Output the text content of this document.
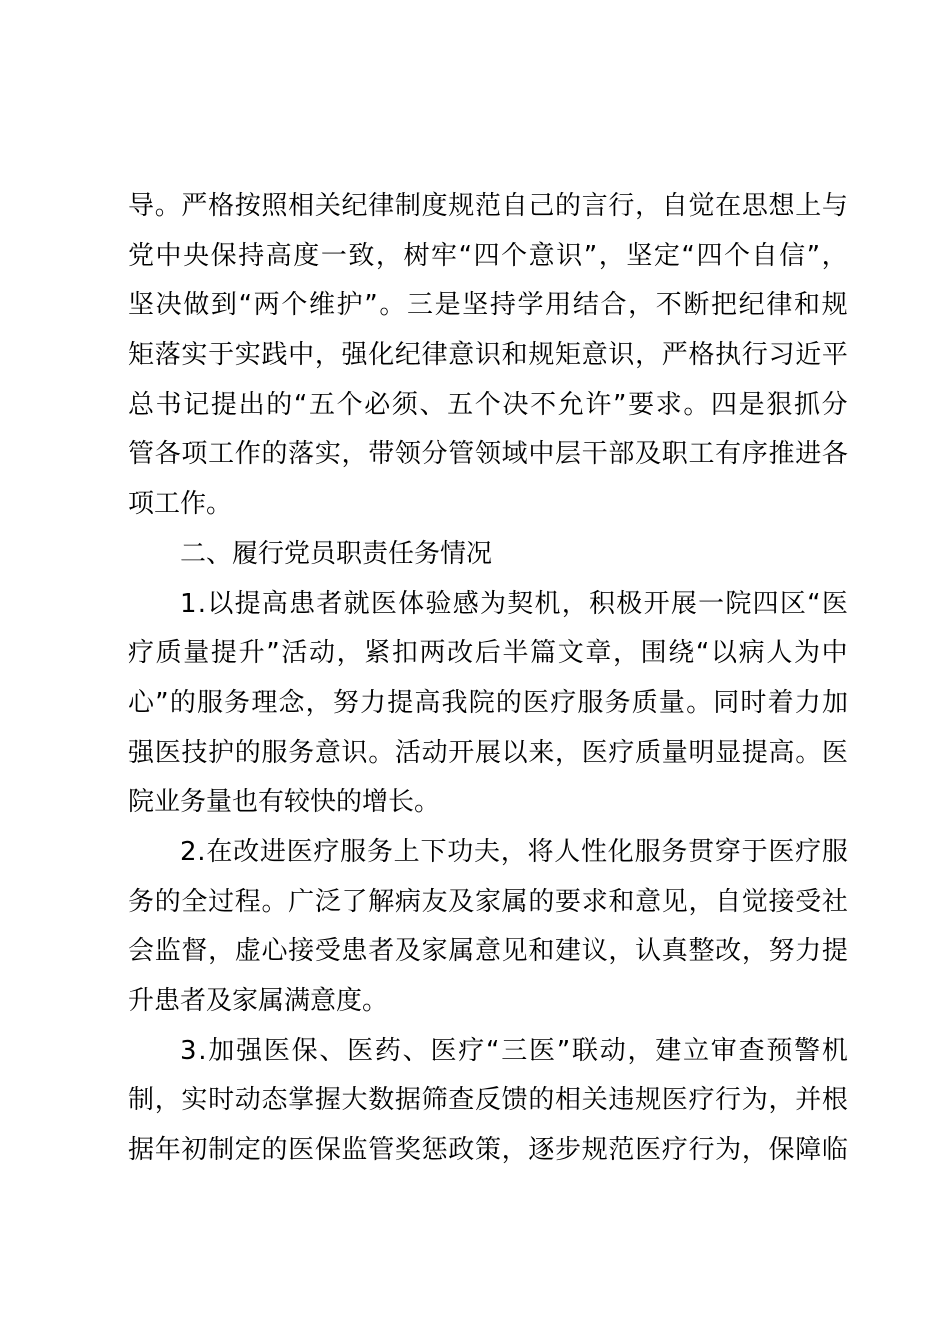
导 。 严 格 按 照 相 关 纪 律 制 度 规 范 自 己 的 言 行 ， 自 觉 在 思 想 上 与
党 中 央 保 持 高 度 一 致 ， 树 牢 “ 四 个 意 识 ” ， 坚 定 “ 四 个 自 信 ” ，
坚 决 做 到 “ 两 个 维 护 ” 。 三 是 坚 持 学 用 结 合 ， 不 断 把 纪 律 和 规
矩 落 实 于 实 践 中 ， 强 化 纪 律 意 识 和 规 矩 意 识 ， 严 格 执 行 习 近 平
总 书 记 提 出 的 “ 五 个 必 须 、 五 个 决 不 允 许 ” 要 求 。 四 是 狠 抓 分
管 各 项 工 作 的 落 实 ， 带 领 分 管 领 域 中 层 干 部 及 职 工 有 序 推 进 各
项工作。
二、履行党员职责任务情况
1 . 以 提 高 患 者 就 医 体 验 感 为 契 机 ， 积 极 开 展 一 院 四 区 “ 医
疗 质 量 提 升 ” 活 动 ， 紧 扣 两 改 后 半 篇 文 章 ， 围 绕 “ 以 病 人 为 中
心 ” 的 服 务 理 念 ， 努 力 提 高 我 院 的 医 疗 服 务 质 量 。 同 时 着 力 加
强 医 技 护 的 服 务 意 识 。 活 动 开 展 以 来 ， 医 疗 质 量 明 显 提 高 。 医
院业务量也有较快的增长。
2 . 在 改 进 医 疗 服 务 上 下 功 夫 ， 将 人 性 化 服 务 贯 穿 于 医 疗 服
务 的 全 过 程 。 广 泛 了 解 病 友 及 家 属 的 要 求 和 意 见 ， 自 觉 接 受 社
会 监 督 ， 虚 心 接 受 患 者 及 家 属 意 见 和 建 议 ， 认 真 整 改 ， 努 力 提
升患者及家属满意度。
3 . 加 强 医 保 、 医 药 、 医 疗 “ 三 医 ” 联 动 ， 建 立 审 查 预 警 机
制 ， 实 时 动 态 掌 握 大 数 据 筛 查 反 馈 的 相 关 违 规 医 疗 行 为 ， 并 根
据 年 初 制 定 的 医 保 监 管 奖 惩 政 策 ， 逐 步 规 范 医 疗 行 为 ， 保 障 临
